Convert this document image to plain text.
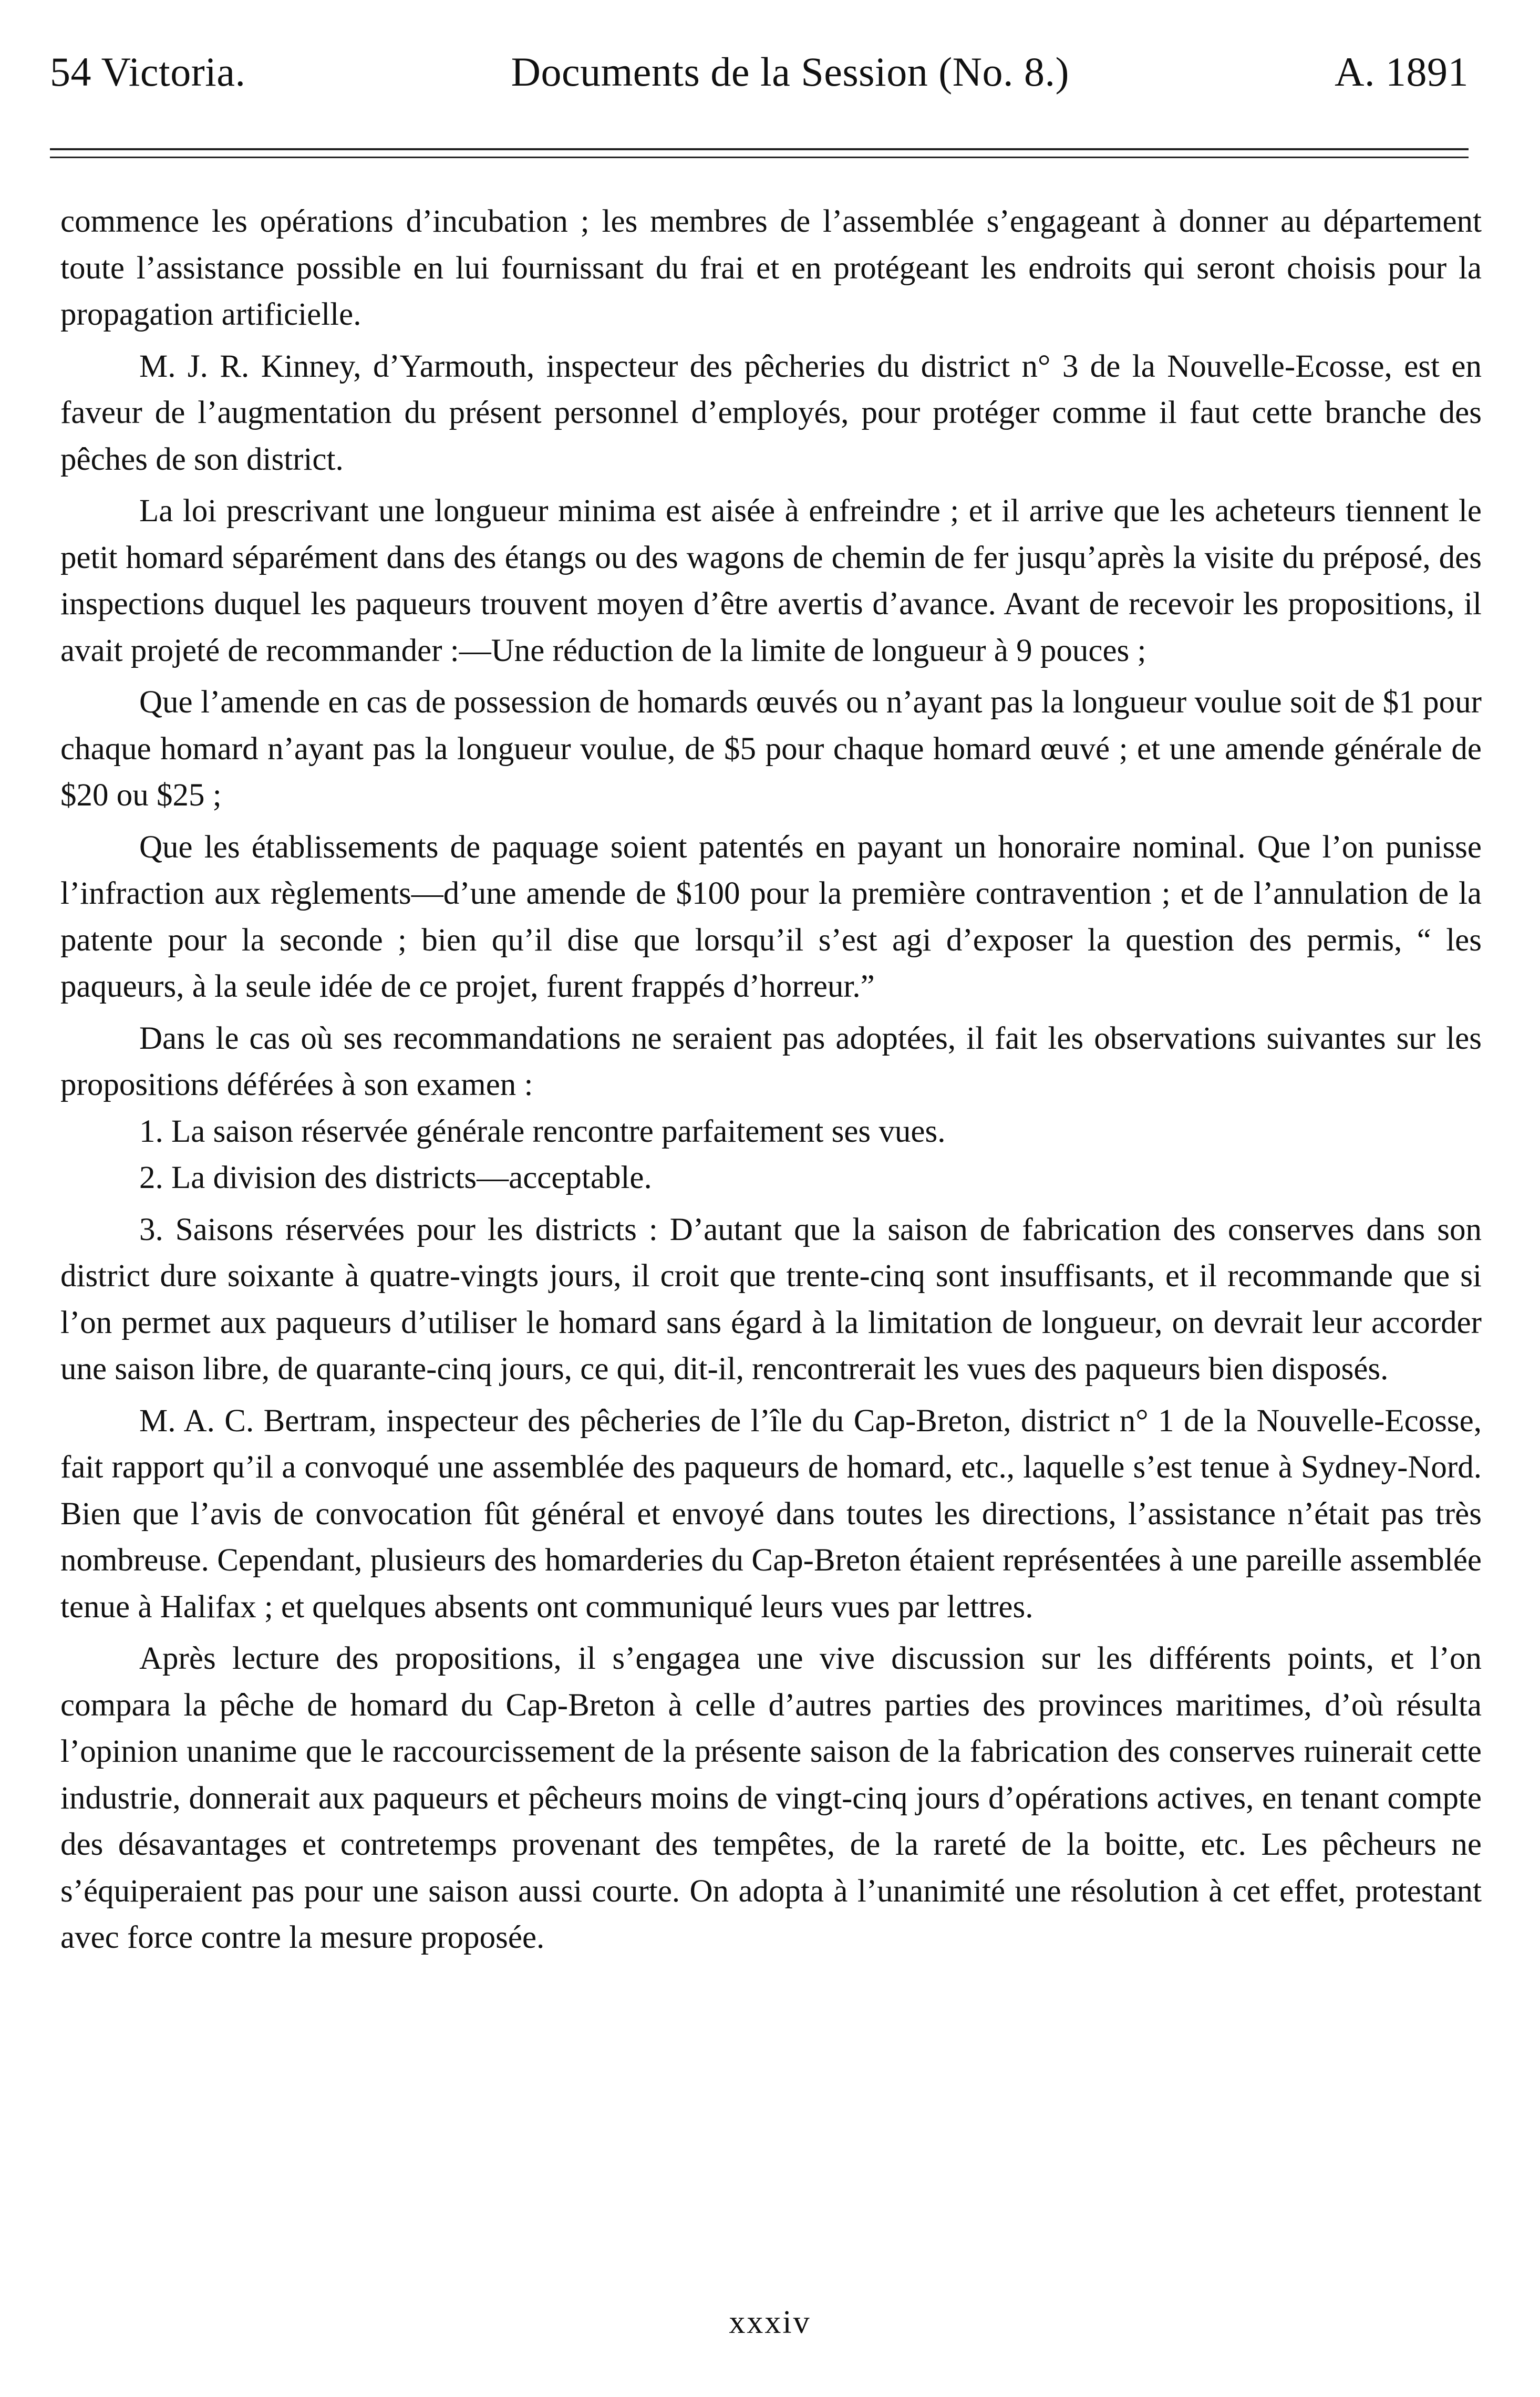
54 Victoria.	Documents de la Session (No. 8.)	A. 1891

commence les opérations d’incubation ; les membres de l’assemblée s’engageant à donner au département toute l’assistance possible en lui fournissant du frai et en protégeant les endroits qui seront choisis pour la propagation artificielle.

M. J. R. Kinney, d’Yarmouth, inspecteur des pêcheries du district n° 3 de la Nouvelle-Ecosse, est en faveur de l’augmentation du présent personnel d’employés, pour protéger comme il faut cette branche des pêches de son district.

La loi prescrivant une longueur minima est aisée à enfreindre ; et il arrive que les acheteurs tiennent le petit homard séparément dans des étangs ou des wagons de chemin de fer jusqu’après la visite du préposé, des inspections duquel les paqueurs trouvent moyen d’être avertis d’avance. Avant de recevoir les propositions, il avait projeté de recommander :—Une réduction de la limite de longueur à 9 pouces ;

Que l’amende en cas de possession de homards œuvés ou n’ayant pas la longueur voulue soit de $1 pour chaque homard n’ayant pas la longueur voulue, de $5 pour chaque homard œuvé ; et une amende générale de $20 ou $25 ;

Que les établissements de paquage soient patentés en payant un honoraire nominal. Que l’on punisse l’infraction aux règlements—d’une amende de $100 pour la première contravention ; et de l’annulation de la patente pour la seconde ; bien qu’il dise que lorsqu’il s’est agi d’exposer la question des permis, “ les paqueurs, à la seule idée de ce projet, furent frappés d’horreur.”

Dans le cas où ses recommandations ne seraient pas adoptées, il fait les observations suivantes sur les propositions déférées à son examen :

1. La saison réservée générale rencontre parfaitement ses vues.

2. La division des districts—acceptable.

3. Saisons réservées pour les districts : D’autant que la saison de fabrication des conserves dans son district dure soixante à quatre-vingts jours, il croit que trente-cinq sont insuffisants, et il recommande que si l’on permet aux paqueurs d’utiliser le homard sans égard à la limitation de longueur, on devrait leur accorder une saison libre, de quarante-cinq jours, ce qui, dit-il, rencontrerait les vues des paqueurs bien disposés.

M. A. C. Bertram, inspecteur des pêcheries de l’île du Cap-Breton, district n° 1 de la Nouvelle-Ecosse, fait rapport qu’il a convoqué une assemblée des paqueurs de homard, etc., laquelle s’est tenue à Sydney-Nord. Bien que l’avis de convocation fût général et envoyé dans toutes les directions, l’assistance n’était pas très nombreuse. Cependant, plusieurs des homarderies du Cap-Breton étaient représentées à une pareille assemblée tenue à Halifax ; et quelques absents ont communiqué leurs vues par lettres.

Après lecture des propositions, il s’engagea une vive discussion sur les différents points, et l’on compara la pêche de homard du Cap-Breton à celle d’autres parties des provinces maritimes, d’où résulta l’opinion unanime que le raccourcissement de la présente saison de la fabrication des conserves ruinerait cette industrie, donnerait aux paqueurs et pêcheurs moins de vingt-cinq jours d’opérations actives, en tenant compte des désavantages et contretemps provenant des tempêtes, de la rareté de la boitte, etc. Les pêcheurs ne s’équiperaient pas pour une saison aussi courte. On adopta à l’unanimité une résolution à cet effet, protestant avec force contre la mesure proposée.

xxxiv
